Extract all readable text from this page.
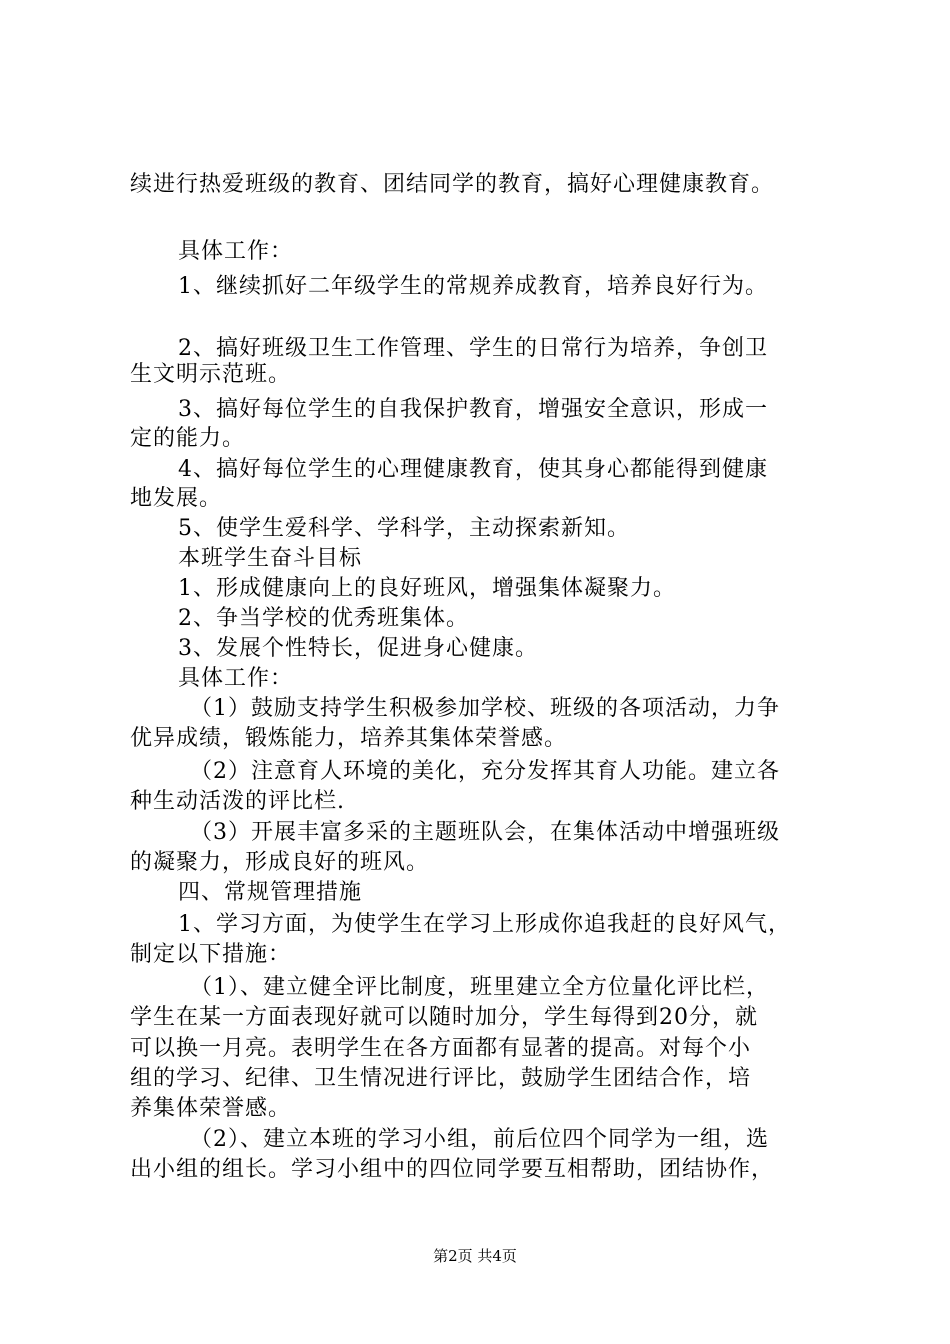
续进行热爱班级的教育、团结同学的教育，搞好心理健康教育。
具体工作：
1、继续抓好二年级学生的常规养成教育，培养良好行为。
2、搞好班级卫生工作管理、学生的日常行为培养，争创卫
生文明示范班。
3、搞好每位学生的自我保护教育，增强安全意识，形成一
定的能力。
4、搞好每位学生的心理健康教育，使其身心都能得到健康
地发展。
5、使学生爱科学、学科学，主动探索新知。
本班学生奋斗目标
1、形成健康向上的良好班风，增强集体凝聚力。
2、争当学校的优秀班集体。
3、发展个性特长，促进身心健康。
具体工作：
（1）鼓励支持学生积极参加学校、班级的各项活动，力争
优异成绩，锻炼能力，培养其集体荣誉感。
（2）注意育人环境的美化，充分发挥其育人功能。建立各
种生动活泼的评比栏.
（3）开展丰富多采的主题班队会，在集体活动中增强班级
的凝聚力，形成良好的班风。
四、常规管理措施
1、学习方面，为使学生在学习上形成你追我赶的良好风气，
制定以下措施：
（1）、建立健全评比制度，班里建立全方位量化评比栏，
学生在某一方面表现好就可以随时加分，学生每得到20分，就
可以换一月亮。表明学生在各方面都有显著的提高。对每个小
组的学习、纪律、卫生情况进行评比，鼓励学生团结合作，培
养集体荣誉感。
（2）、建立本班的学习小组，前后位四个同学为一组，选
出小组的组长。学习小组中的四位同学要互相帮助，团结协作，
第2页 共4页
